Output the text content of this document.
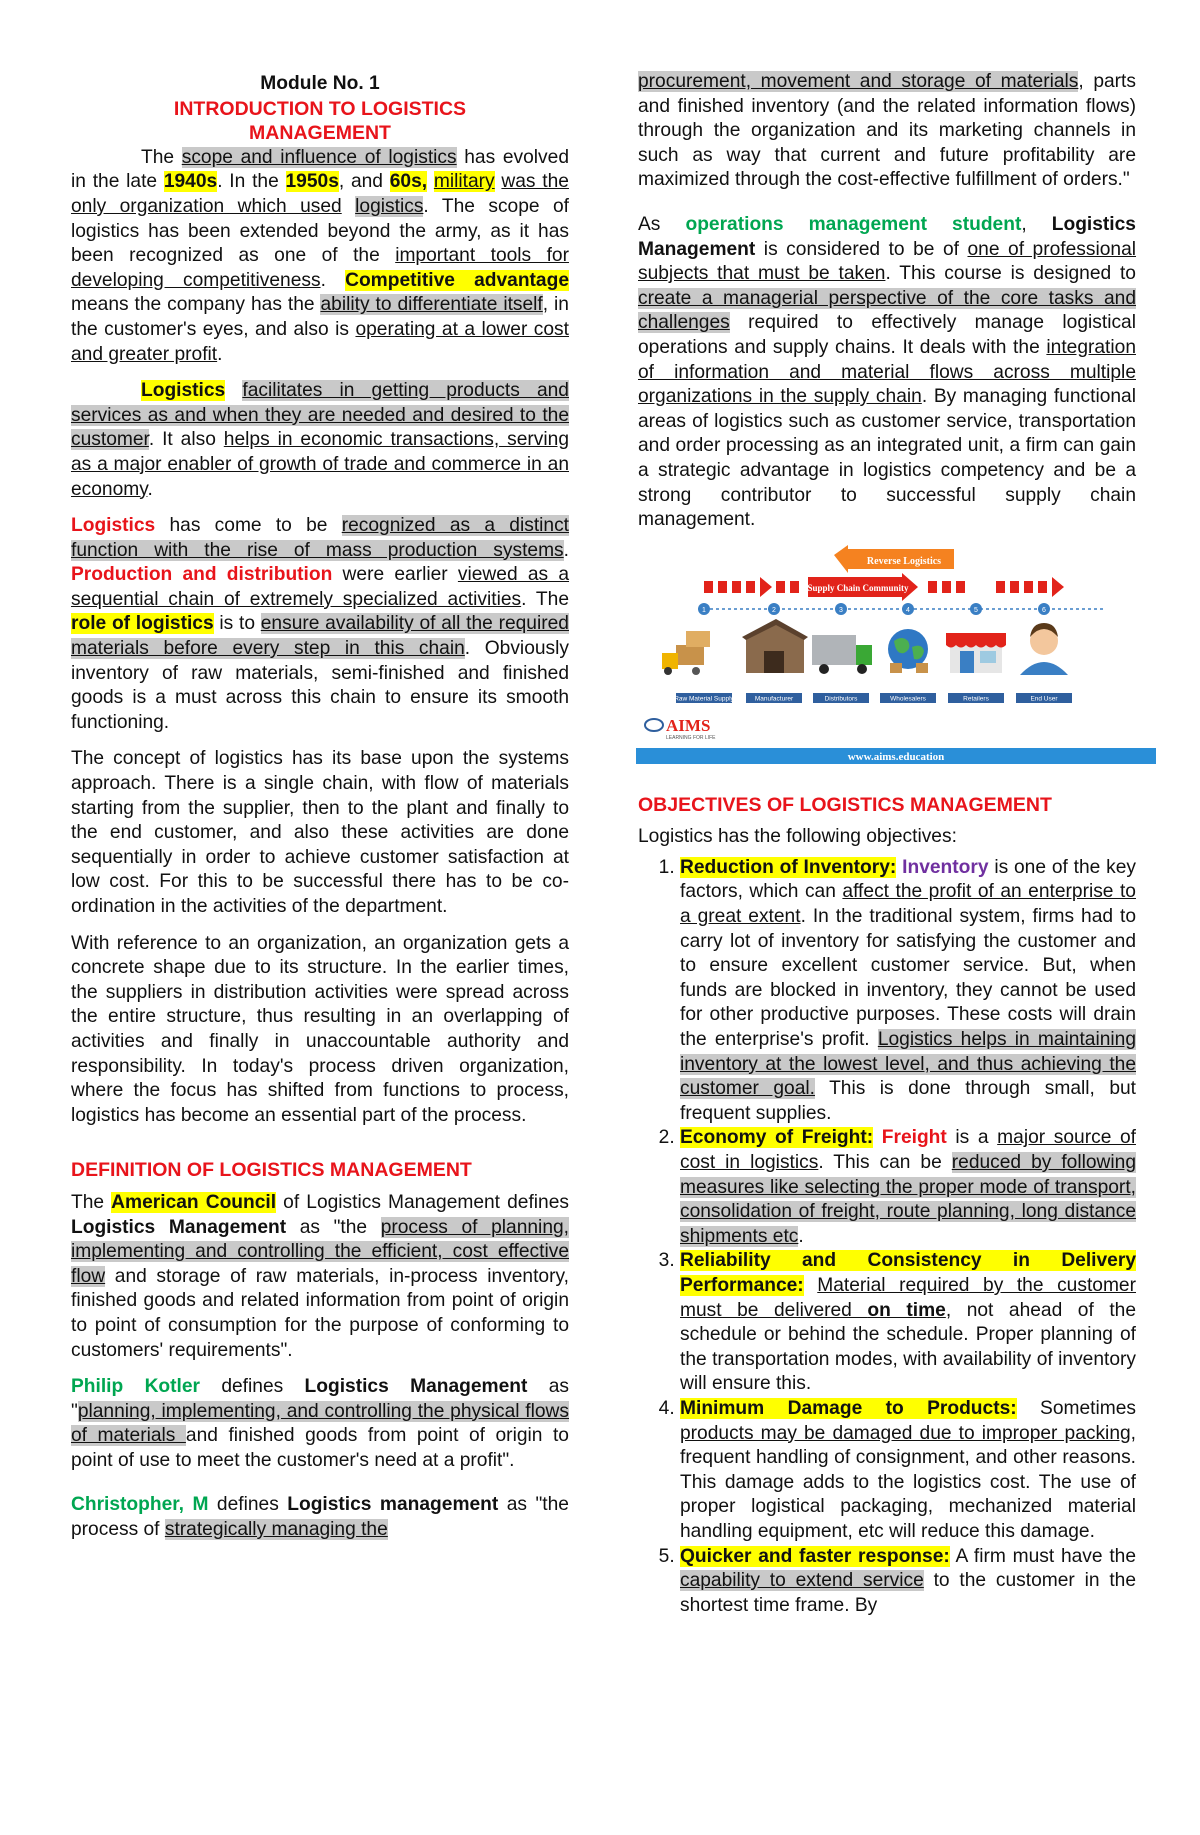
Module No. 1

INTRODUCTION TO LOGISTICS
MANAGEMENT

The scope and influence of logistics has evolved in the late 1940s. In the 1950s, and 60s, military was the only organization which used logistics. The scope of logistics has been extended beyond the army, as it has been recognized as one of the important tools for developing competitiveness. Competitive advantage means the company has the ability to differentiate itself, in the customer's eyes, and also is operating at a lower cost and greater profit.

Logistics facilitates in getting products and services as and when they are needed and desired to the customer. It also helps in economic transactions, serving as a major enabler of growth of trade and commerce in an economy.

Logistics has come to be recognized as a distinct function with the rise of mass production systems. Production and distribution were earlier viewed as a sequential chain of extremely specialized activities. The role of logistics is to ensure availability of all the required materials before every step in this chain. Obviously inventory of raw materials, semi-finished and finished goods is a must across this chain to ensure its smooth functioning.

The concept of logistics has its base upon the systems approach. There is a single chain, with flow of materials starting from the supplier, then to the plant and finally to the end customer, and also these activities are done sequentially in order to achieve customer satisfaction at low cost. For this to be successful there has to be co-ordination in the activities of the department.

With reference to an organization, an organization gets a concrete shape due to its structure. In the earlier times, the suppliers in distribution activities were spread across the entire structure, thus resulting in an overlapping of activities and finally in unaccountable authority and responsibility. In today's process driven organization, where the focus has shifted from functions to process, logistics has become an essential part of the process.

DEFINITION OF LOGISTICS MANAGEMENT

The American Council of Logistics Management defines Logistics Management as "the process of planning, implementing and controlling the efficient, cost effective flow and storage of raw materials, in-process inventory, finished goods and related information from point of origin to point of consumption for the purpose of conforming to customers' requirements".

Philip Kotler defines Logistics Management as "planning, implementing, and controlling the physical flows of materials and finished goods from point of origin to point of use to meet the customer's need at a profit".

Christopher, M defines Logistics management as "the process of strategically managing the

procurement, movement and storage of materials, parts and finished inventory (and the related information flows) through the organization and its marketing channels in such as way that current and future profitability are maximized through the cost-effective fulfillment of orders."

As operations management student, Logistics Management is considered to be of one of professional subjects that must be taken. This course is designed to create a managerial perspective of the core tasks and challenges required to effectively manage logistical operations and supply chains. It deals with the integration of information and material flows across multiple organizations in the supply chain. By managing functional areas of logistics such as customer service, transportation and order processing as an integrated unit, a firm can gain a strategic advantage in logistics competency and be a strong contributor to successful supply chain management.

Reverse Logistics
Supply Chain Community
1	2	3	4	5	6
Raw Material Supply	Manufacturer	Distributors	Wholesalers	Retailers	End User
AIMS
LEARNING FOR LIFE
www.aims.education

OBJECTIVES OF LOGISTICS MANAGEMENT

Logistics has the following objectives:

1. Reduction of Inventory: Inventory is one of the key factors, which can affect the profit of an enterprise to a great extent. In the traditional system, firms had to carry lot of inventory for satisfying the customer and to ensure excellent customer service. But, when funds are blocked in inventory, they cannot be used for other productive purposes. These costs will drain the enterprise's profit. Logistics helps in maintaining inventory at the lowest level, and thus achieving the customer goal. This is done through small, but frequent supplies.
2. Economy of Freight: Freight is a major source of cost in logistics. This can be reduced by following measures like selecting the proper mode of transport, consolidation of freight, route planning, long distance shipments etc.
3. Reliability and Consistency in Delivery Performance: Material required by the customer must be delivered on time, not ahead of the schedule or behind the schedule. Proper planning of the transportation modes, with availability of inventory will ensure this.
4. Minimum Damage to Products: Sometimes products may be damaged due to improper packing, frequent handling of consignment, and other reasons. This damage adds to the logistics cost. The use of proper logistical packaging, mechanized material handling equipment, etc will reduce this damage.
5. Quicker and faster response: A firm must have the capability to extend service to the customer in the shortest time frame. By
